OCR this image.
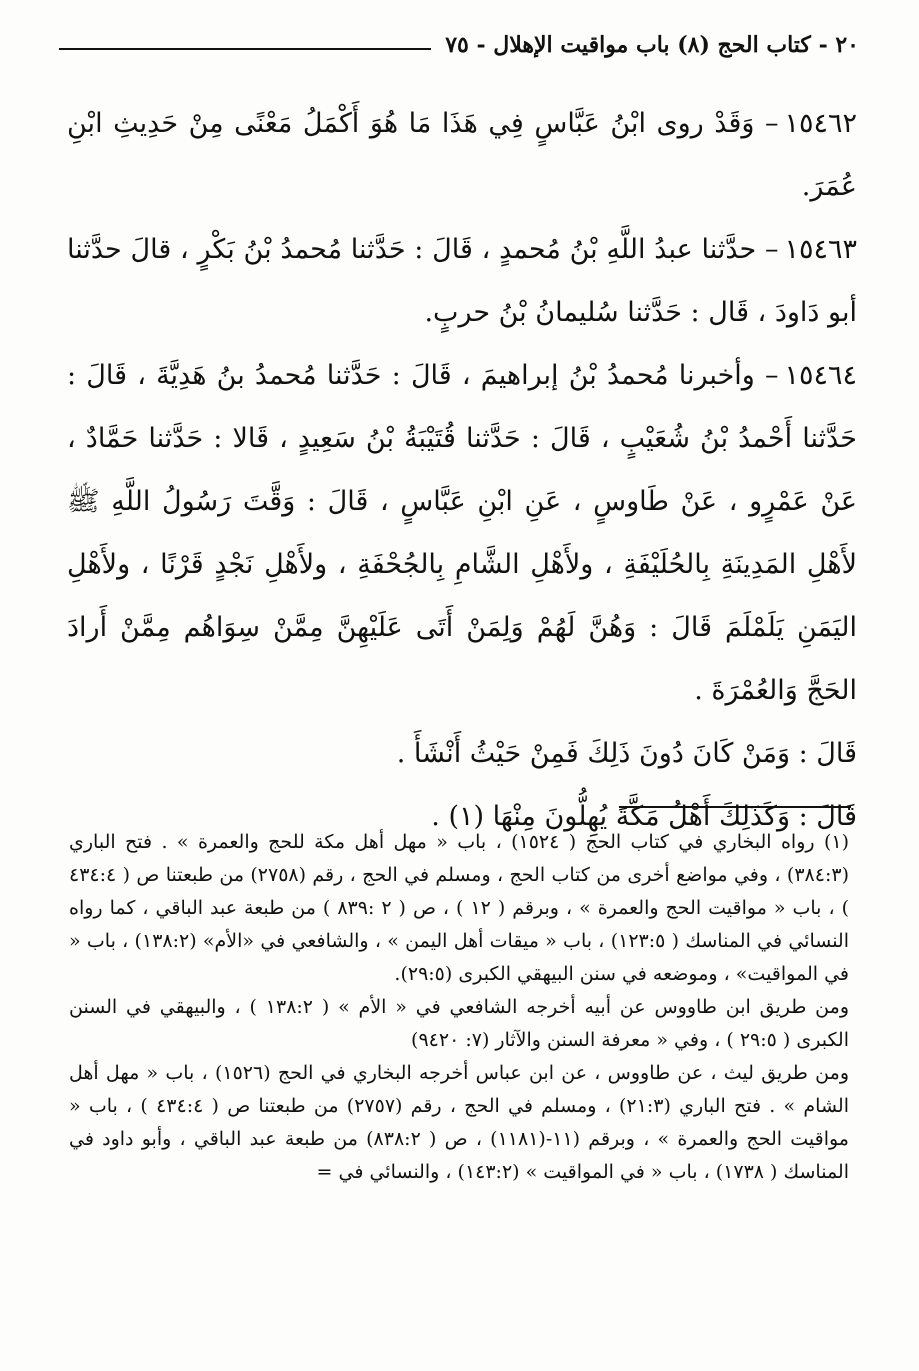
٢٠ - كتاب الحج (٨) باب مواقيت الإهلال - ٧٥

١٥٤٦٢– وَقَدْ روى ابْنُ عَبَّاسٍ فِي هَذَا مَا هُوَ أَكْمَلُ مَعْنًى مِنْ حَدِيثِ ابْنِ عُمَرَ.

١٥٤٦٣– حدَّثنا عبدُ اللَّهِ بْنُ مُحمدٍ ، قَالَ : حَدَّثنا مُحمدُ بْنُ بَكْرٍ ، قالَ حدَّثنا أبو دَاودَ ، قَال : حَدَّثنا سُليمانُ بْنُ حربٍ.

١٥٤٦٤– وأخبرنا مُحمدُ بْنُ إبراهيمَ ، قَالَ : حَدَّثنا مُحمدُ بنُ هَدِيَّةَ ، قَالَ : حَدَّثنا أَحْمدُ بْنُ شُعَيْبٍ ، قَالَ : حَدَّثنا قُتَيْبَةُ بْنُ سَعِيدٍ ، قَالا : حَدَّثنا حَمَّادٌ ، عَنْ عَمْرٍو ، عَنْ طَاوسٍ ، عَنِ ابْنِ عَبَّاسٍ ، قَالَ : وَقَّتَ رَسُولُ اللَّهِ ﷺ لأَهْلِ المَدِينَةِ بِالحُلَيْفَةِ ، ولأَهْلِ الشَّامِ بِالجُحْفَةِ ، ولأَهْلِ نَجْدٍ قَرْنًا ، ولأَهْلِ اليَمَنِ يَلَمْلَمَ قَالَ : وَهُنَّ لَهُمْ وَلِمَنْ أَتَى عَلَيْهِنَّ مِمَّنْ سِوَاهُم مِمَّنْ أَرادَ الحَجَّ وَالعُمْرَةَ .

قَالَ : وَمَنْ كَانَ دُونَ ذَلِكَ فَمِنْ حَيْثُ أَنْشَأَ .

قَالَ : وَكَذَلِكَ أَهْلُ مَكَّةَ يُهِلُّونَ مِنْهَا (١) .

(١) رواه البخاري في كتاب الحج ( ١٥٢٤) ، باب « مهل أهل مكة للحج والعمرة » . فتح الباري (٣٨٤:٣) ، وفي مواضع أخرى من كتاب الحج ، ومسلم في الحج ، رقم (٢٧٥٨) من طبعتنا ص ( ٤٣٤:٤ ) ، باب « مواقيت الحج والعمرة » ، وبرقم ( ١٢ ) ، ص ( ٢ :٨٣٩ ) من طبعة عبد الباقي ، كما رواه النسائي في المناسك ( ١٢٣:٥) ، باب « ميقات أهل اليمن » ، والشافعي في «الأم» (١٣٨:٢) ، باب « في المواقيت» ، وموضعه في سنن البيهقي الكبرى (٢٩:٥).

ومن طريق ابن طاووس عن أبيه أخرجه الشافعي في « الأم » ( ١٣٨:٢ ) ، والبيهقي في السنن الكبرى ( ٢٩:٥ ) ، وفي « معرفة السنن والآثار (٧: ٩٤٢٠)

ومن طريق ليث ، عن طاووس ، عن ابن عباس أخرجه البخاري في الحج (١٥٢٦) ، باب « مهل أهل الشام » . فتح الباري (٢١:٣) ، ومسلم في الحج ، رقم (٢٧٥٧) من طبعتنا ص ( ٤٣٤:٤ ) ، باب « مواقيت الحج والعمرة » ، وبرقم (١١-(١١٨١) ، ص ( ٨٣٨:٢) من طبعة عبد الباقي ، وأبو داود في المناسك ( ١٧٣٨) ، باب « في المواقيت » (١٤٣:٢) ، والنسائي في =
